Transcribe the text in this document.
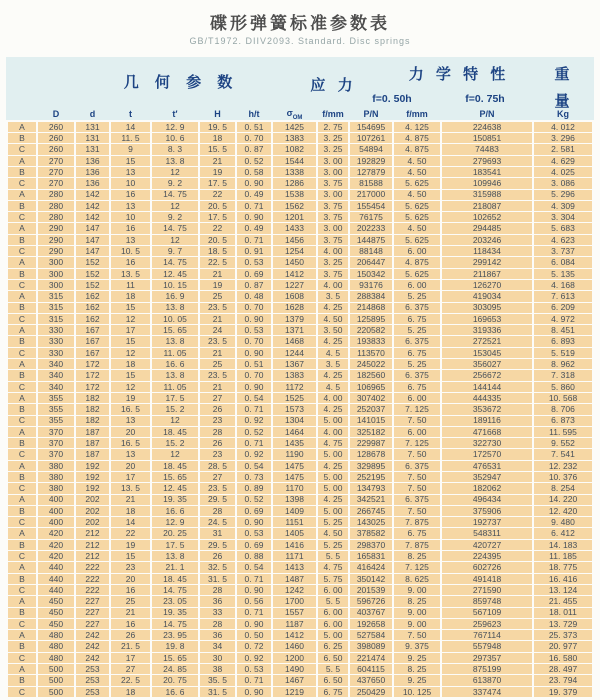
碟形弹簧标准参数表
GB/T1972. DIIV2093. Standard. Disc springs
几 何 参 数	应 力
力 学 特 性	重
f=0. 50h	f=0. 75h	量
	D	d	t	t′	H	h/t	$\sigma_{OM}$	f/mm	P/N	f/mm	P/N	Kg
A	260	131	14	12. 9	19. 5	0. 51	1425	2. 75	154695	4. 125	224638	4. 012
B	260	131	11. 5	10. 6	18	0. 70	1383	3. 25	107261	4. 875	150851	3. 296
C	260	131	9	8. 3	15. 5	0. 87	1082	3. 25	54894	4. 875	74483	2. 581
A	270	136	15	13. 8	21	0. 52	1544	3. 00	192829	4. 50	279693	4. 629
B	270	136	13	12	19	0. 58	1338	3. 00	127879	4. 50	183541	4. 025
C	270	136	10	9. 2	17. 5	0. 90	1286	3. 75	81588	5. 625	109946	3. 086
A	280	142	16	14. 75	22	0. 49	1538	3. 00	217000	4. 50	315988	5. 296
B	280	142	13	12	20. 5	0. 71	1562	3. 75	155454	5. 625	218087	4. 309
C	280	142	10	9. 2	17. 5	0. 90	1201	3. 75	76175	5. 625	102652	3. 304
A	290	147	16	14. 75	22	0. 49	1433	3. 00	202233	4. 50	294485	5. 683
B	290	147	13	12	20. 5	0. 71	1456	3. 75	144875	5. 625	203246	4. 623
C	290	147	10. 5	9. 7	18. 5	0. 91	1254	4. 00	88148	6. 00	118434	3. 737
A	300	152	16	14. 75	22. 5	0. 53	1450	3. 25	206447	4. 875	299142	6. 084
B	300	152	13. 5	12. 45	21	0. 69	1412	3. 75	150342	5. 625	211867	5. 135
C	300	152	11	10. 15	19	0. 87	1227	4. 00	93176	6. 00	126270	4. 168
A	315	162	18	16. 9	25	0. 48	1608	3. 5	288384	5. 25	419034	7. 613
B	315	162	15	13. 8	23. 5	0. 70	1628	4. 25	214868	6. 375	303095	6. 209
C	315	162	12	10. 05	21	0. 90	1379	4. 50	125895	6. 75	169653	4. 972
A	330	167	17	15. 65	24	0. 53	1371	3. 50	220582	5. 25	319336	8. 451
B	330	167	15	13. 8	23. 5	0. 70	1468	4. 25	193833	6. 375	272521	6. 893
C	330	167	12	11. 05	21	0. 90	1244	4. 5	113570	6. 75	153045	5. 519
A	340	172	18	16. 6	25	0. 51	1367	3. 5	245022	5. 25	356027	8. 962
B	340	172	15	13. 8	23. 5	0. 70	1383	4. 25	182560	6. 375	256672	7. 318
C	340	172	12	11. 05	21	0. 90	1172	4. 5	106965	6. 75	144144	5. 860
A	355	182	19	17. 5	27	0. 54	1525	4. 00	307402	6. 00	444335	10. 568
B	355	182	16. 5	15. 2	26	0. 71	1573	4. 25	252037	7. 125	353672	8. 706
C	355	182	13	12	23	0. 92	1304	5. 00	141015	7. 50	189116	6. 873
A	370	187	20	18. 45	28	0. 52	1464	4. 00	325182	6. 00	471668	11. 595
B	370	187	16. 5	15. 2	26	0. 71	1435	4. 75	229987	7. 125	322730	9. 552
C	370	187	13	12	23	0. 92	1190	5. 00	128678	7. 50	172570	7. 541
A	380	192	20	18. 45	28. 5	0. 54	1475	4. 25	329895	6. 375	476531	12. 232
B	380	192	17	15. 65	27	0. 73	1475	5. 00	252195	7. 50	352947	10. 376
C	380	192	13. 5	12. 45	23. 5	0. 89	1170	5. 00	134793	7. 50	182062	8. 254
A	400	202	21	19. 35	29. 5	0. 52	1398	4. 25	342521	6. 375	496434	14. 220
B	400	202	18	16. 6	28	0. 69	1409	5. 00	266745	7. 50	375906	12. 420
C	400	202	14	12. 9	24. 5	0. 90	1151	5. 25	143025	7. 875	192737	9. 480
A	420	212	22	20. 25	31	0. 53	1405	4. 50	378582	6. 75	548311	6. 412
B	420	212	19	17. 5	29. 5	0. 69	1416	5. 25	298370	7. 875	420727	14. 183
C	420	212	15	13. 8	26	0. 88	1171	5. 5	165831	8. 25	224395	11. 185
A	440	222	23	21. 1	32. 5	0. 54	1413	4. 75	416424	7. 125	602726	18. 775
B	440	222	20	18. 45	31. 5	0. 71	1487	5. 75	350142	8. 625	491418	16. 416
C	440	222	16	14. 75	28	0. 90	1242	6. 00	201539	9. 00	271590	13. 124
A	450	227	25	23. 05	36	0. 56	1700	5. 5	596726	8. 25	859748	21. 455
B	450	227	21	19. 35	33	0. 71	1557	6. 00	403767	9. 00	567109	18. 011
C	450	227	16	14. 75	28	0. 90	1187	6. 00	192658	9. 00	259623	13. 729
A	480	242	26	23. 95	36	0. 50	1412	5. 00	527584	7. 50	767114	25. 373
B	480	242	21. 5	19. 8	34	0. 72	1460	6. 25	398089	9. 375	557948	20. 977
C	480	242	17	15. 65	30	0. 92	1200	6. 50	221474	9. 25	297357	16. 580
A	500	253	27	24. 85	38	0. 53	1490	5. 5	604115	8. 25	875199	28. 497
B	500	253	22. 5	20. 75	35. 5	0. 71	1467	6. 50	437650	9. 25	613870	23. 794
C	500	253	18	16. 6	31. 5	0. 90	1219	6. 75	250429	10. 125	337474	19. 379
